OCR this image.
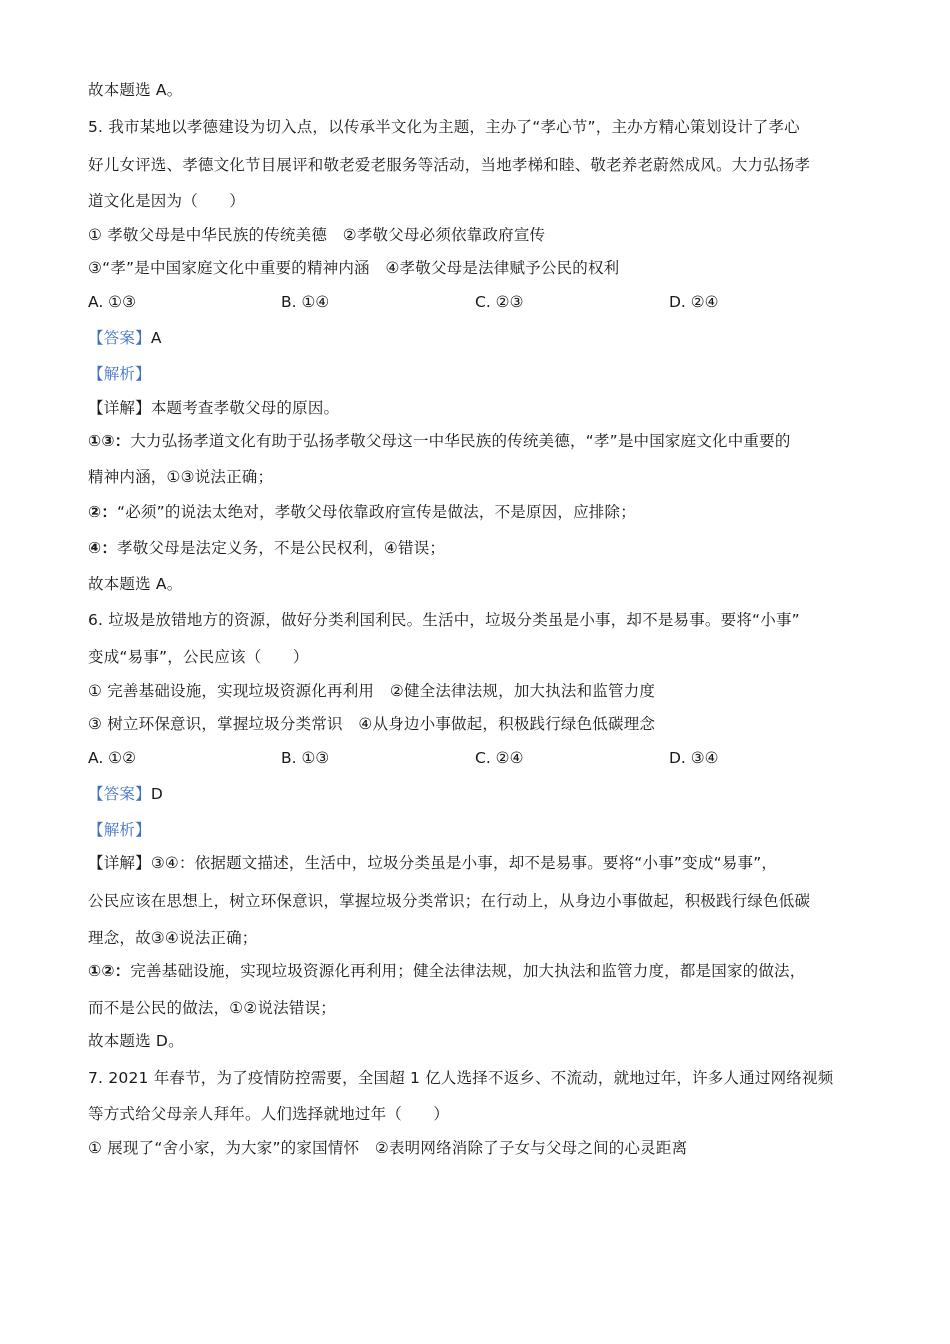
故本题选 A。
5. 我市某地以孝德建设为切入点，以传承半文化为主题，主办了“孝心节”，主办方精心策划设计了孝心
好儿女评选、孝德文化节目展评和敬老爱老服务等活动，当地孝梯和睦、敬老养老蔚然成风。大力弘扬孝
道文化是因为（　　）
① 孝敬父母是中华民族的传统美德　②孝敬父母必须依靠政府宣传
③“孝”是中国家庭文化中重要的精神内涵　④孝敬父母是法律赋予公民的权利
A. ①③	B. ①④	C. ②③	D. ②④
【答案】A
【解析】
【详解】本题考查孝敬父母的原因。
①③：大力弘扬孝道文化有助于弘扬孝敬父母这一中华民族的传统美德，“孝”是中国家庭文化中重要的
精神内涵，①③说法正确；
②：“必须”的说法太绝对，孝敬父母依靠政府宣传是做法，不是原因，应排除；
④：孝敬父母是法定义务，不是公民权利，④错误；
故本题选 A。
6. 垃圾是放错地方的资源，做好分类利国利民。生活中，垃圾分类虽是小事，却不是易事。要将“小事”
变成“易事”，公民应该（　　）
① 完善基础设施，实现垃圾资源化再利用　②健全法律法规，加大执法和监管力度
③ 树立环保意识，掌握垃圾分类常识　④从身边小事做起，积极践行绿色低碳理念
A. ①②	B. ①③	C. ②④	D. ③④
【答案】D
【解析】
【详解】③④：依据题文描述，生活中，垃圾分类虽是小事，却不是易事。要将“小事”变成“易事”，
公民应该在思想上，树立环保意识，掌握垃圾分类常识；在行动上，从身边小事做起，积极践行绿色低碳
理念，故③④说法正确；
①②：完善基础设施，实现垃圾资源化再利用；健全法律法规，加大执法和监管力度，都是国家的做法，
而不是公民的做法，①②说法错误；
故本题选 D。
7. 2021 年春节，为了疫情防控需要，全国超 1 亿人选择不返乡、不流动，就地过年，许多人通过网络视频
等方式给父母亲人拜年。人们选择就地过年（　　）
① 展现了“舍小家，为大家”的家国情怀　②表明网络消除了子女与父母之间的心灵距离
